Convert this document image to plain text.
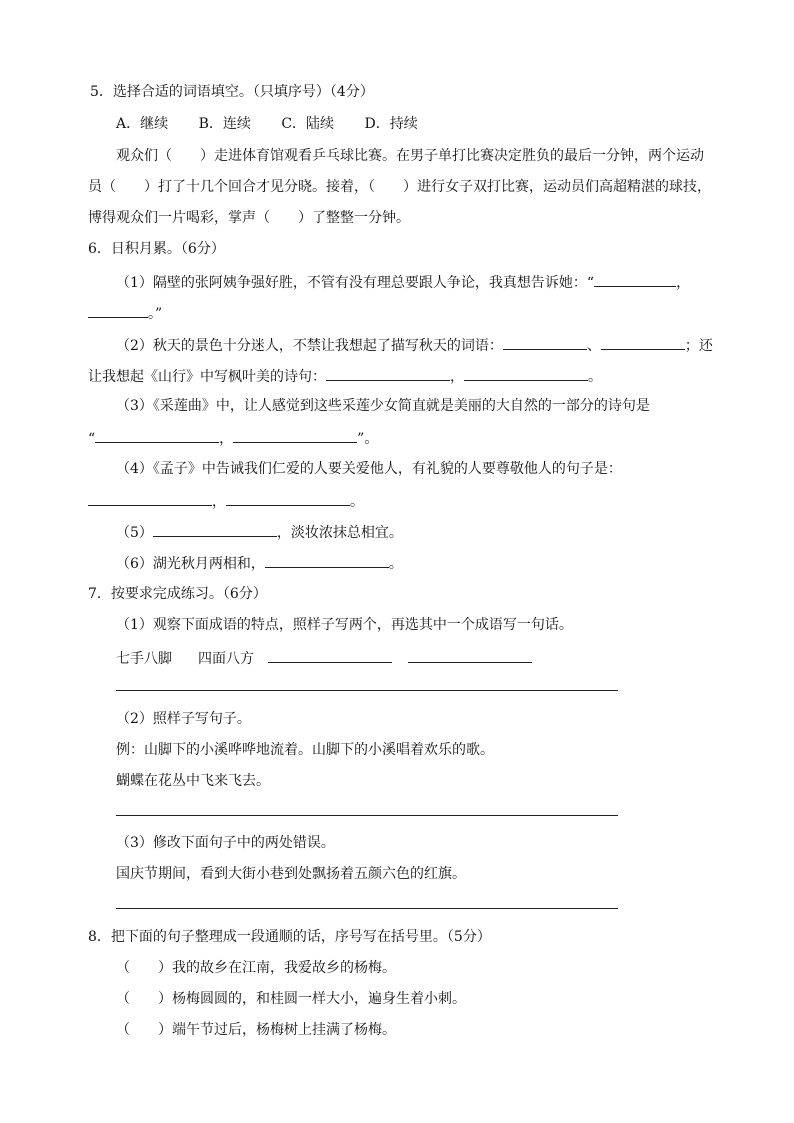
5．选择合适的词语填空。（只填序号）（4分）
A．继续 B．连续 C．陆续 D．持续
观众们（　　）走进体育馆观看乒乓球比赛。在男子单打比赛决定胜负的最后一分钟，两个运动
员（　　）打了十几个回合才见分晓。接着，（　　）进行女子双打比赛，运动员们高超精湛的球技，
博得观众们一片喝彩，掌声（　　）了整整一分钟。
6．日积月累。（6分）
（1）隔壁的张阿姨争强好胜，不管有没有理总要跟人争论，我真想告诉她：“	，
。”
（2）秋天的景色十分迷人，不禁让我想起了描写秋天的词语：	、	；还
让我想起《山行》中写枫叶美的诗句：	，	。
（3）《采莲曲》中，让人感觉到这些采莲少女简直就是美丽的大自然的一部分的诗句是
“	，	”。
（4）《孟子》中告诫我们仁爱的人要关爱他人，有礼貌的人要尊敬他人的句子是：
，	。
（5）	，淡妆浓抹总相宜。
（6）湖光秋月两相和，	。
7．按要求完成练习。（6分）
（1）观察下面成语的特点，照样子写两个，再选其中一个成语写一句话。
七手八脚 四面八方
（2）照样子写句子。
例：山脚下的小溪哗哗地流着。山脚下的小溪唱着欢乐的歌。
蝴蝶在花丛中飞来飞去。
（3）修改下面句子中的两处错误。
国庆节期间，看到大街小巷到处飘扬着五颜六色的红旗。
8．把下面的句子整理成一段通顺的话，序号写在括号里。（5分）
（　　）我的故乡在江南，我爱故乡的杨梅。
（　　）杨梅圆圆的，和桂圆一样大小，遍身生着小刺。
（　　）端午节过后，杨梅树上挂满了杨梅。
